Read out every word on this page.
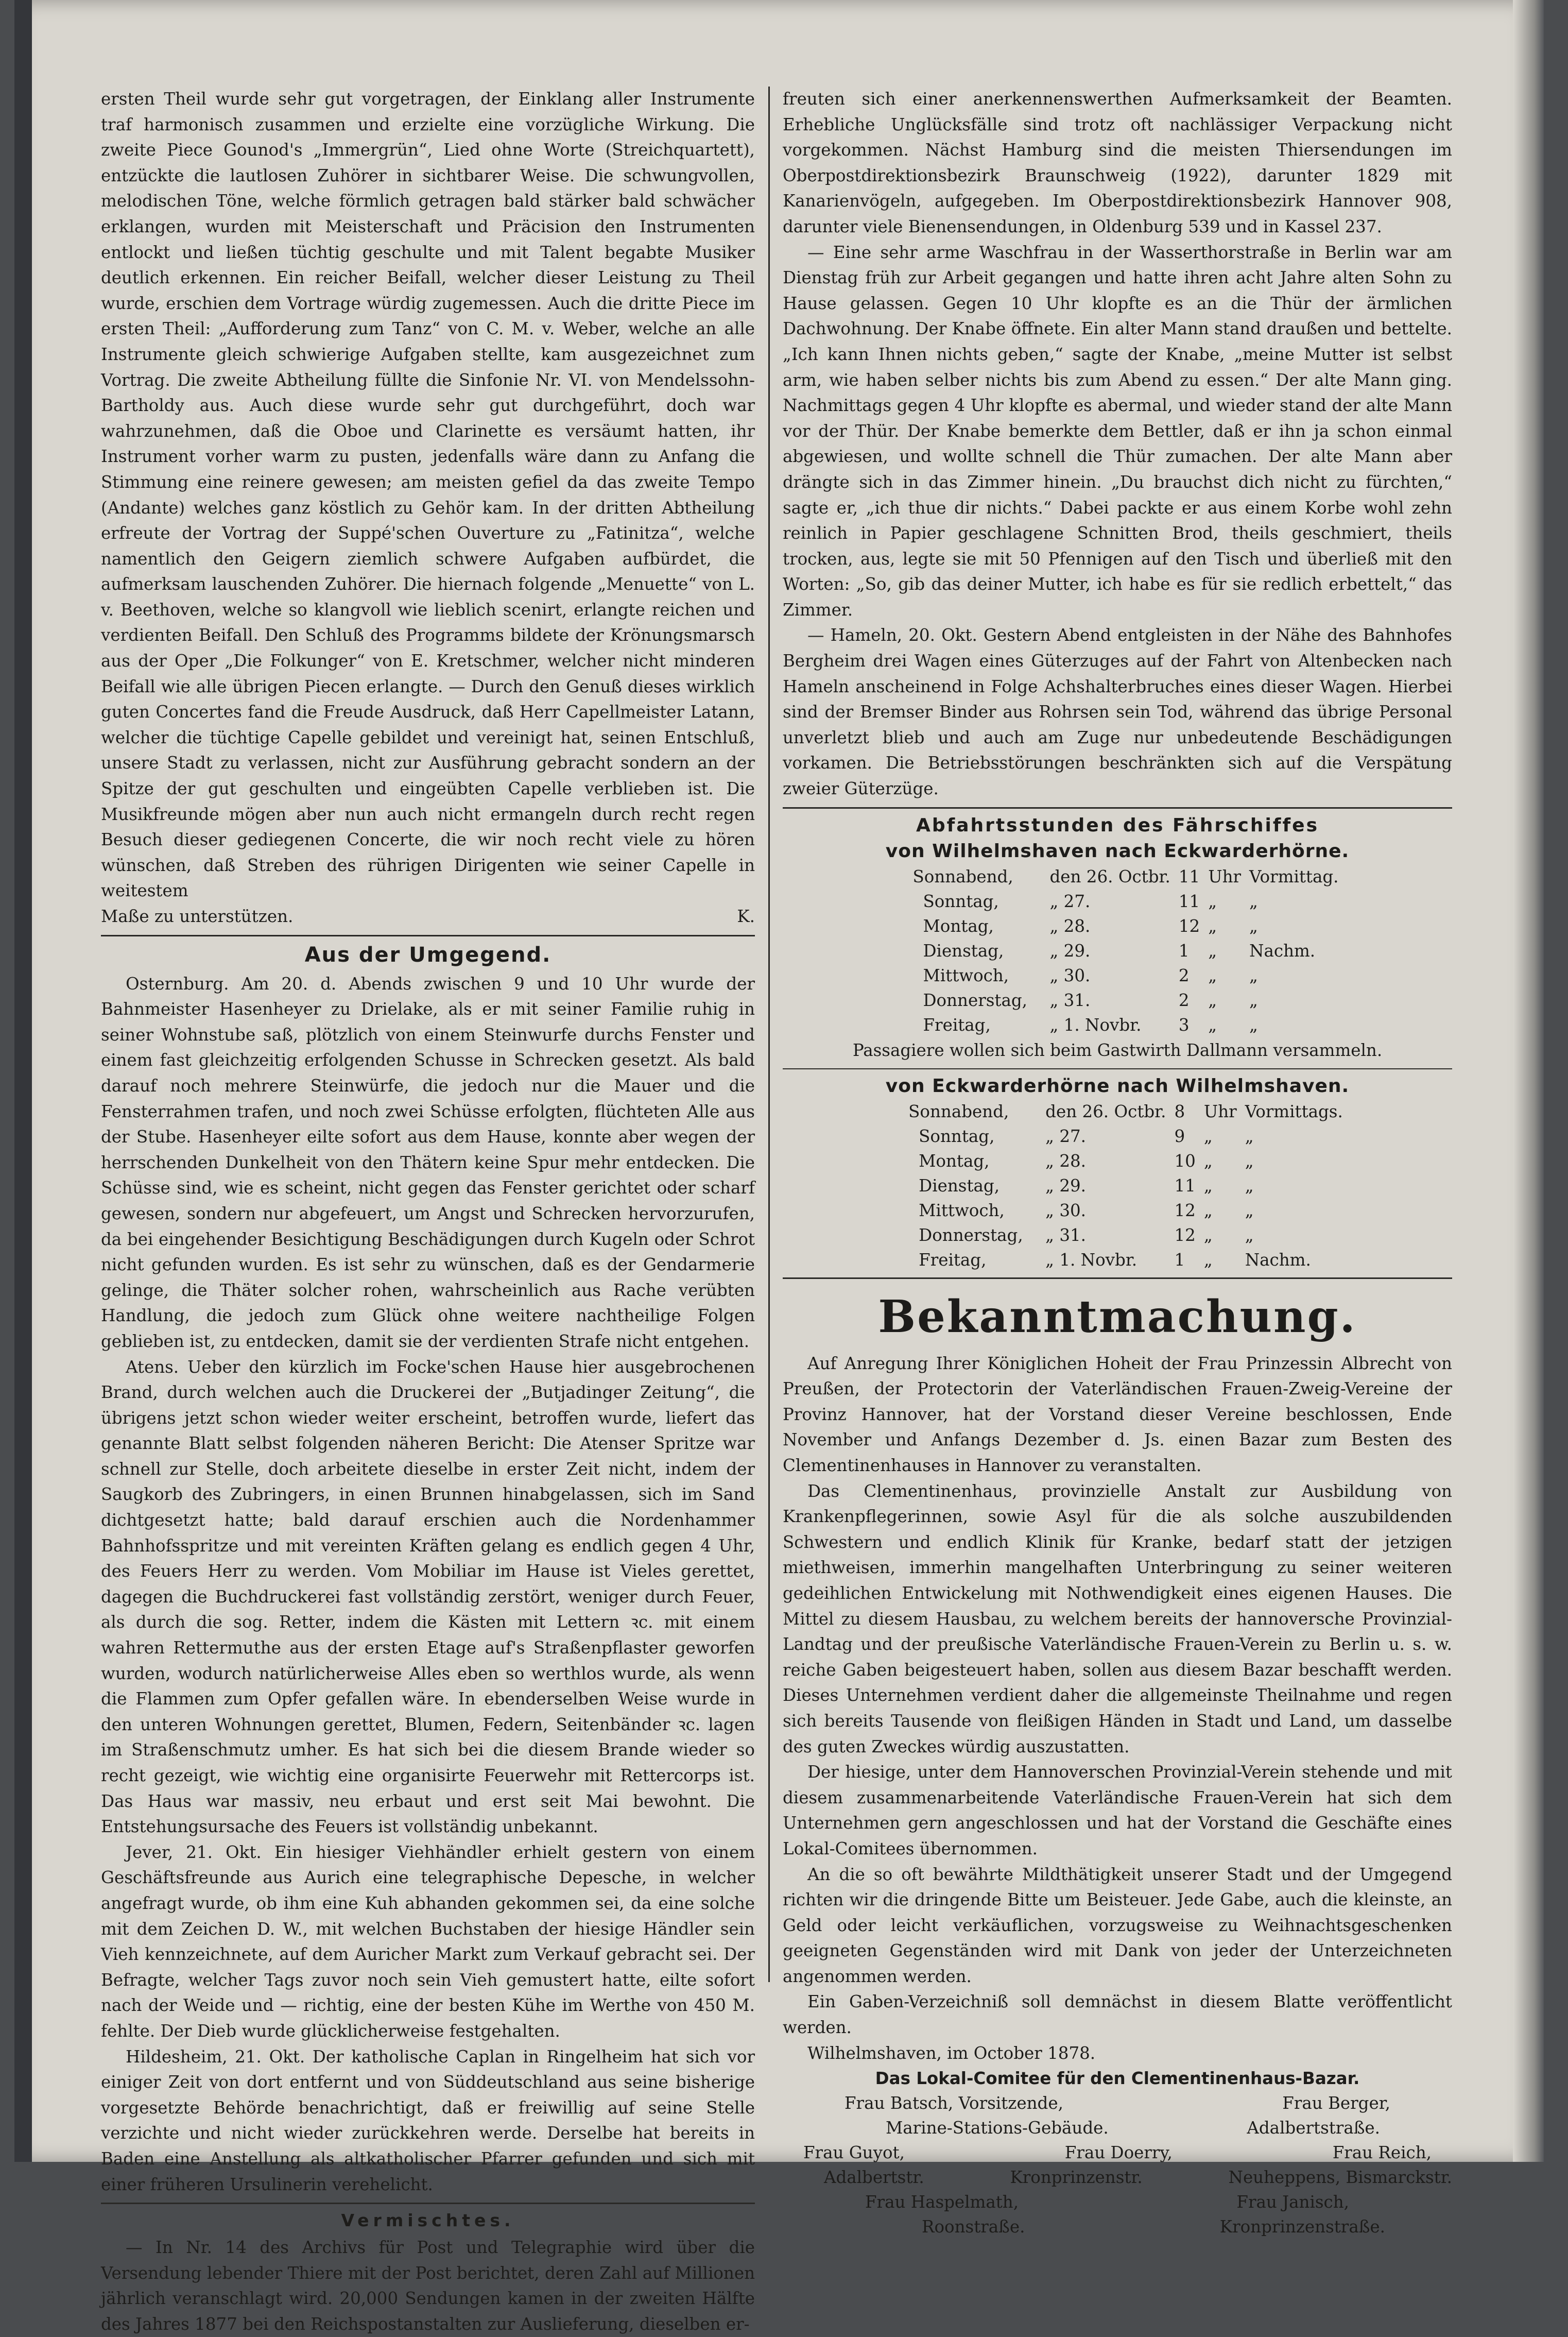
ersten Theil wurde sehr gut vorgetragen, der Einklang aller Instrumente traf harmonisch zusammen und erzielte eine vorzügliche Wirkung. Die zweite Piece Gounod's „Immergrün“, Lied ohne Worte (Streichquartett), entzückte die lautlosen Zuhörer in sichtbarer Weise. Die schwungvollen, melodischen Töne, welche förmlich getragen bald stärker bald schwächer erklangen, wurden mit Meisterschaft und Präcision den Instrumenten entlockt und ließen tüchtig geschulte und mit Talent begabte Musiker deutlich erkennen. Ein reicher Beifall, welcher dieser Leistung zu Theil wurde, erschien dem Vortrage würdig zugemessen. Auch die dritte Piece im ersten Theil: „Aufforderung zum Tanz“ von C. M. v. Weber, welche an alle Instrumente gleich schwierige Aufgaben stellte, kam ausgezeichnet zum Vortrag. Die zweite Abtheilung füllte die Sinfonie Nr. VI. von Mendelssohn-Bartholdy aus. Auch diese wurde sehr gut durchgeführt, doch war wahrzunehmen, daß die Oboe und Clarinette es versäumt hatten, ihr Instrument vorher warm zu pusten, jedenfalls wäre dann zu Anfang die Stimmung eine reinere gewesen; am meisten gefiel da das zweite Tempo (Andante) welches ganz köstlich zu Gehör kam. In der dritten Abtheilung erfreute der Vortrag der Suppé'schen Ouverture zu „Fatinitza“, welche namentlich den Geigern ziemlich schwere Aufgaben aufbürdet, die aufmerksam lauschenden Zuhörer. Die hiernach folgende „Menuette“ von L. v. Beethoven, welche so klangvoll wie lieblich scenirt, erlangte reichen und verdienten Beifall. Den Schluß des Programms bildete der Krönungsmarsch aus der Oper „Die Folkunger“ von E. Kretschmer, welcher nicht minderen Beifall wie alle übrigen Piecen erlangte. — Durch den Genuß dieses wirklich guten Concertes fand die Freude Ausdruck, daß Herr Capellmeister Latann, welcher die tüchtige Capelle gebildet und vereinigt hat, seinen Entschluß, unsere Stadt zu verlassen, nicht zur Ausführung gebracht sondern an der Spitze der gut geschulten und eingeübten Capelle verblieben ist. Die Musikfreunde mögen aber nun auch nicht ermangeln durch recht regen Besuch dieser gediegenen Concerte, die wir noch recht viele zu hören wünschen, daß Streben des rührigen Dirigenten wie seiner Capelle in weitestem

Maße zu unterstützen.	K.
Aus der Umgegend.

Osternburg. Am 20. d. Abends zwischen 9 und 10 Uhr wurde der Bahnmeister Hasenheyer zu Drielake, als er mit seiner Familie ruhig in seiner Wohnstube saß, plötzlich von einem Steinwurfe durchs Fenster und einem fast gleichzeitig erfolgenden Schusse in Schrecken gesetzt. Als bald darauf noch mehrere Steinwürfe, die jedoch nur die Mauer und die Fensterrahmen trafen, und noch zwei Schüsse erfolgten, flüchteten Alle aus der Stube. Hasenheyer eilte sofort aus dem Hause, konnte aber wegen der herrschenden Dunkelheit von den Thätern keine Spur mehr entdecken. Die Schüsse sind, wie es scheint, nicht gegen das Fenster gerichtet oder scharf gewesen, sondern nur abgefeuert, um Angst und Schrecken hervorzurufen, da bei eingehender Besichtigung Beschädigungen durch Kugeln oder Schrot nicht gefunden wurden. Es ist sehr zu wünschen, daß es der Gendarmerie gelinge, die Thäter solcher rohen, wahrscheinlich aus Rache verübten Handlung, die jedoch zum Glück ohne weitere nachtheilige Folgen geblieben ist, zu entdecken, damit sie der verdienten Strafe nicht entgehen.

Atens. Ueber den kürzlich im Focke'schen Hause hier ausgebrochenen Brand, durch welchen auch die Druckerei der „Butjadinger Zeitung“, die übrigens jetzt schon wieder weiter erscheint, betroffen wurde, liefert das genannte Blatt selbst folgenden näheren Bericht: Die Atenser Spritze war schnell zur Stelle, doch arbeitete dieselbe in erster Zeit nicht, indem der Saugkorb des Zubringers, in einen Brunnen hinabgelassen, sich im Sand dichtgesetzt hatte; bald darauf erschien auch die Nordenhammer Bahnhofsspritze und mit vereinten Kräften gelang es endlich gegen 4 Uhr, des Feuers Herr zu werden. Vom Mobiliar im Hause ist Vieles gerettet, dagegen die Buchdruckerei fast vollständig zerstört, weniger durch Feuer, als durch die sog. Retter, indem die Kästen mit Lettern ꝛc. mit einem wahren Rettermuthe aus der ersten Etage auf's Straßenpflaster geworfen wurden, wodurch natürlicherweise Alles eben so werthlos wurde, als wenn die Flammen zum Opfer gefallen wäre. In ebenderselben Weise wurde in den unteren Wohnungen gerettet, Blumen, Federn, Seitenbänder ꝛc. lagen im Straßenschmutz umher. Es hat sich bei die diesem Brande wieder so recht gezeigt, wie wichtig eine organisirte Feuerwehr mit Rettercorps ist. Das Haus war massiv, neu erbaut und erst seit Mai bewohnt. Die Entstehungsursache des Feuers ist vollständig unbekannt.

Jever, 21. Okt. Ein hiesiger Viehhändler erhielt gestern von einem Geschäftsfreunde aus Aurich eine telegraphische Depesche, in welcher angefragt wurde, ob ihm eine Kuh abhanden gekommen sei, da eine solche mit dem Zeichen D. W., mit welchen Buchstaben der hiesige Händler sein Vieh kennzeichnete, auf dem Auricher Markt zum Verkauf gebracht sei. Der Befragte, welcher Tags zuvor noch sein Vieh gemustert hatte, eilte sofort nach der Weide und — richtig, eine der besten Kühe im Werthe von 450 M. fehlte. Der Dieb wurde glücklicherweise festgehalten.

Hildesheim, 21. Okt. Der katholische Caplan in Ringelheim hat sich vor einiger Zeit von dort entfernt und von Süddeutschland aus seine bisherige vorgesetzte Behörde benachrichtigt, daß er freiwillig auf seine Stelle verzichte und nicht wieder zurückkehren werde. Derselbe hat bereits in Baden eine Anstellung als altkatholischer Pfarrer gefunden und sich mit einer früheren Ursulinerin verehelicht.

Vermischtes.

— In Nr. 14 des Archivs für Post und Telegraphie wird über die Versendung lebender Thiere mit der Post berichtet, deren Zahl auf Millionen jährlich veranschlagt wird. 20,000 Sendungen kamen in der zweiten Hälfte des Jahres 1877 bei den Reichspostanstalten zur Auslieferung, dieselben er-

freuten sich einer anerkennenswerthen Aufmerksamkeit der Beamten. Erhebliche Unglücksfälle sind trotz oft nachlässiger Verpackung nicht vorgekommen. Nächst Hamburg sind die meisten Thiersendungen im Oberpostdirektionsbezirk Braunschweig (1922), darunter 1829 mit Kanarienvögeln, aufgegeben. Im Oberpostdirektionsbezirk Hannover 908, darunter viele Bienensendungen, in Oldenburg 539 und in Kassel 237.

— Eine sehr arme Waschfrau in der Wasserthorstraße in Berlin war am Dienstag früh zur Arbeit gegangen und hatte ihren acht Jahre alten Sohn zu Hause gelassen. Gegen 10 Uhr klopfte es an die Thür der ärmlichen Dachwohnung. Der Knabe öffnete. Ein alter Mann stand draußen und bettelte. „Ich kann Ihnen nichts geben,“ sagte der Knabe, „meine Mutter ist selbst arm, wie haben selber nichts bis zum Abend zu essen.“ Der alte Mann ging. Nachmittags gegen 4 Uhr klopfte es abermal, und wieder stand der alte Mann vor der Thür. Der Knabe bemerkte dem Bettler, daß er ihn ja schon einmal abgewiesen, und wollte schnell die Thür zumachen. Der alte Mann aber drängte sich in das Zimmer hinein. „Du brauchst dich nicht zu fürchten,“ sagte er, „ich thue dir nichts.“ Dabei packte er aus einem Korbe wohl zehn reinlich in Papier geschlagene Schnitten Brod, theils geschmiert, theils trocken, aus, legte sie mit 50 Pfennigen auf den Tisch und überließ mit den Worten: „So, gib das deiner Mutter, ich habe es für sie redlich erbettelt,“ das Zimmer.

— Hameln, 20. Okt. Gestern Abend entgleisten in der Nähe des Bahnhofes Bergheim drei Wagen eines Güterzuges auf der Fahrt von Altenbecken nach Hameln anscheinend in Folge Achshalterbruches eines dieser Wagen. Hierbei sind der Bremser Binder aus Rohrsen sein Tod, während das übrige Personal unverletzt blieb und auch am Zuge nur unbedeutende Beschädigungen vorkamen. Die Betriebsstörungen beschränkten sich auf die Verspätung zweier Güterzüge.

Abfahrtsstunden des Fährschiffes
von Wilhelmshaven nach Eckwarderhörne.
Sonnabend,	den 26. Octbr.	11	Uhr	Vormittag.
Sonntag,	„ 27.	11	„	„
Montag,	„ 28.	12	„	„
Dienstag,	„ 29.	1	„	Nachm.
Mittwoch,	„ 30.	2	„	„
Donnerstag,	„ 31.	2	„	„
Freitag,	„ 1. Novbr.	3	„	„
Passagiere wollen sich beim Gastwirth Dallmann versammeln.
von Eckwarderhörne nach Wilhelmshaven.
Sonnabend,	den 26. Octbr.	8	Uhr	Vormittags.
Sonntag,	„ 27.	9	„	„
Montag,	„ 28.	10	„	„
Dienstag,	„ 29.	11	„	„
Mittwoch,	„ 30.	12	„	„
Donnerstag,	„ 31.	12	„	„
Freitag,	„ 1. Novbr.	1	„	Nachm.
Bekanntmachung.

Auf Anregung Ihrer Königlichen Hoheit der Frau Prinzessin Albrecht von Preußen, der Protectorin der Vaterländischen Frauen-Zweig-Vereine der Provinz Hannover, hat der Vorstand dieser Vereine beschlossen, Ende November und Anfangs Dezember d. Js. einen Bazar zum Besten des Clementinenhauses in Hannover zu veranstalten.

Das Clementinenhaus, provinzielle Anstalt zur Ausbildung von Krankenpflegerinnen, sowie Asyl für die als solche auszubildenden Schwestern und endlich Klinik für Kranke, bedarf statt der jetzigen miethweisen, immerhin mangelhaften Unterbringung zu seiner weiteren gedeihlichen Entwickelung mit Nothwendigkeit eines eigenen Hauses. Die Mittel zu diesem Hausbau, zu welchem bereits der hannoversche Provinzial-Landtag und der preußische Vaterländische Frauen-Verein zu Berlin u. s. w. reiche Gaben beigesteuert haben, sollen aus diesem Bazar beschafft werden. Dieses Unternehmen verdient daher die allgemeinste Theilnahme und regen sich bereits Tausende von fleißigen Händen in Stadt und Land, um dasselbe des guten Zweckes würdig auszustatten.

Der hiesige, unter dem Hannoverschen Provinzial-Verein stehende und mit diesem zusammenarbeitende Vaterländische Frauen-Verein hat sich dem Unternehmen gern angeschlossen und hat der Vorstand die Geschäfte eines Lokal-Comitees übernommen.

An die so oft bewährte Mildthätigkeit unserer Stadt und der Umgegend richten wir die dringende Bitte um Beisteuer. Jede Gabe, auch die kleinste, an Geld oder leicht verkäuflichen, vorzugsweise zu Weihnachtsgeschenken geeigneten Gegenständen wird mit Dank von jeder der Unterzeichneten angenommen werden.

Ein Gaben-Verzeichniß soll demnächst in diesem Blatte veröffentlicht werden.

Wilhelmshaven, im October 1878.

Das Lokal-Comitee für den Clementinenhaus-Bazar.
Frau Batsch, Vorsitzende,	Frau Berger,
Marine-Stations-Gebäude.	Adalbertstraße.
Frau Guyot,	Frau Doerry,	Frau Reich,
Adalbertstr.	Kronprinzenstr.	Neuheppens, Bismarckstr.
Frau Haspelmath,	Frau Janisch,
Roonstraße.	Kronprinzenstraße.
